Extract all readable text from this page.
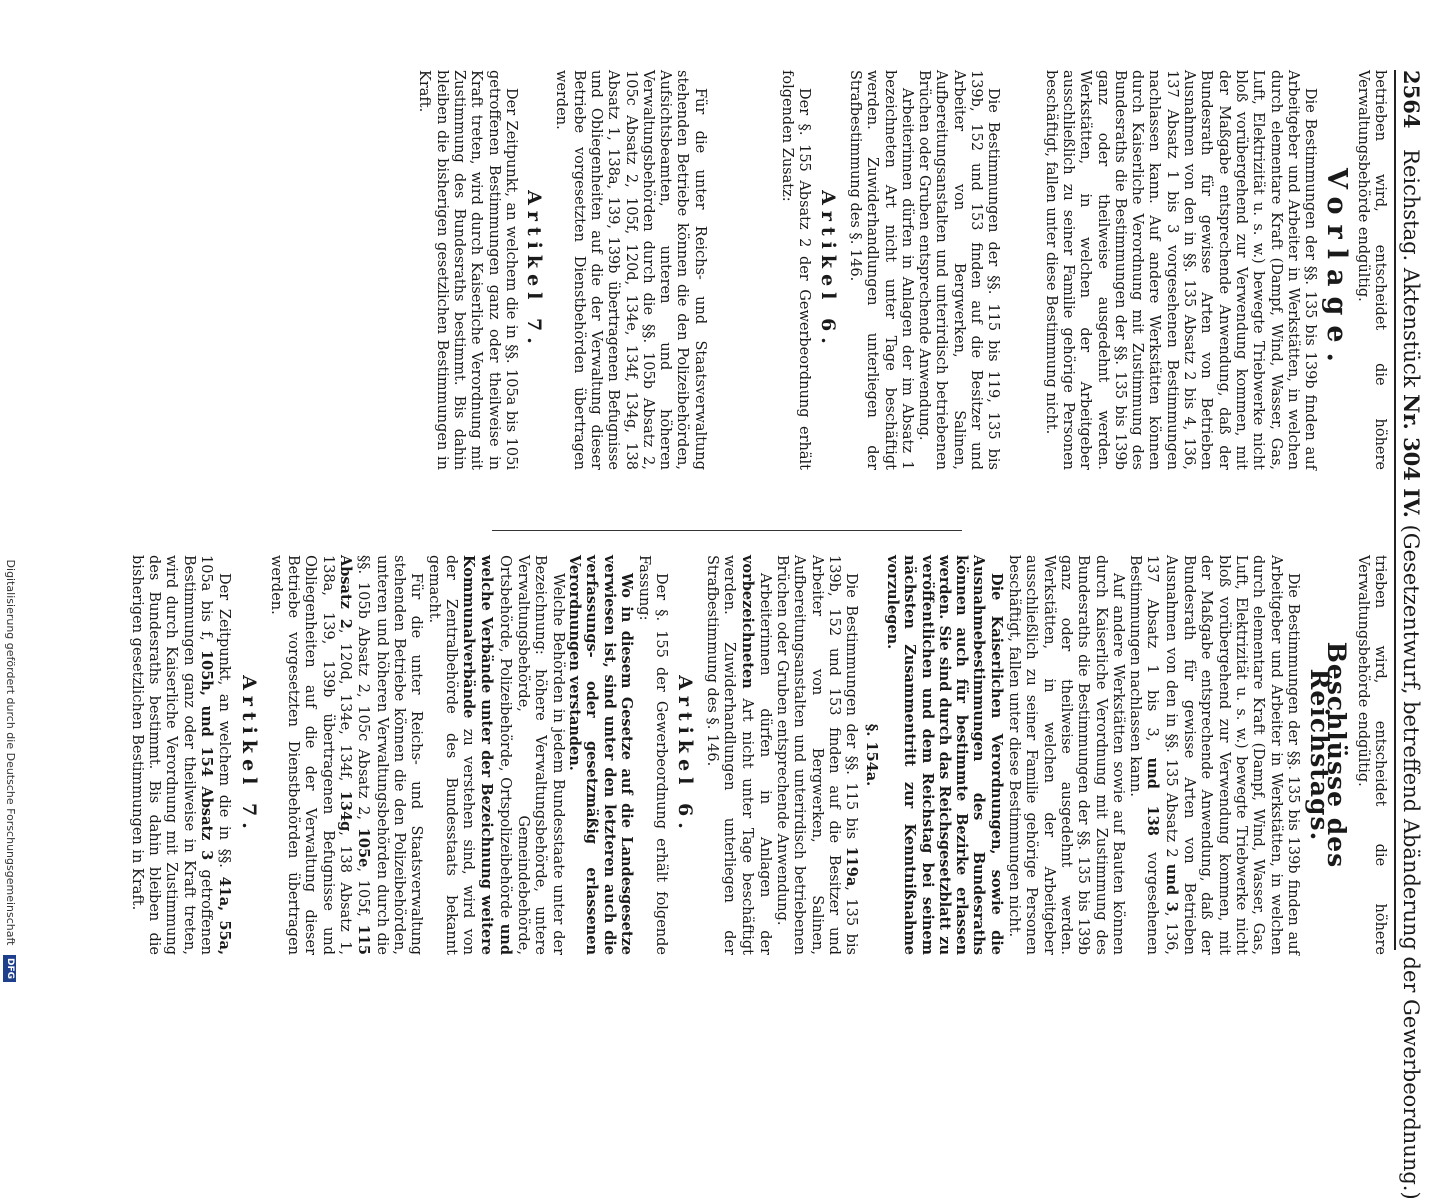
2564 Reichstag. Aktenstück Nr. 304 IV. (Gesetzentwurf, betreffend Abänderung der Gewerbeordnung.)

betrieben wird, entscheidet die höhere Verwaltungsbehörde endgültig.

Vorlage.

Die Bestimmungen der §§. 135 bis 139b finden auf Arbeitgeber und Arbeiter in Werkstätten, in welchen durch elementare Kraft (Dampf, Wind, Wasser, Gas, Luft, Elektrizität u. s. w.) bewegte Triebwerke nicht bloß vorübergehend zur Verwendung kommen, mit der Maßgabe entsprechende Anwendung, daß der Bundesrath für gewisse Arten von Betrieben Ausnahmen von den in §§. 135 Absatz 2 bis 4, 136, 137 Absatz 1 bis 3 vorgesehenen Bestimmungen nachlassen kann. Auf andere Werkstätten können durch Kaiserliche Verordnung mit Zustimmung des Bundesraths die Bestimmungen der §§. 135 bis 139b ganz oder theilweise ausgedehnt werden. Werkstätten, in welchen der Arbeitgeber ausschließlich zu seiner Familie gehörige Personen beschäftigt, fallen unter diese Bestimmung nicht.

Die Bestimmungen der §§. 115 bis 119, 135 bis 139b, 152 und 153 finden auf die Besitzer und Arbeiter von Bergwerken, Salinen, Aufbereitungsanstalten und unterirdisch betriebenen Brüchen oder Gruben entsprechende Anwendung.

Arbeiterinnen dürfen in Anlagen der im Absatz 1 bezeichneten Art nicht unter Tage beschäftigt werden. Zuwiderhandlungen unterliegen der Strafbestimmung des §. 146.

Artikel 6.

Der §. 155 Absatz 2 der Gewerbeordnung erhält folgenden Zusatz:

Für die unter Reichs- und Staatsverwaltung stehenden Betriebe können die den Polizeibehörden, Aufsichtsbeamten, unteren und höheren Verwaltungsbehörden durch die §§. 105b Absatz 2, 105c Absatz 2, 105f, 120d, 134e, 134f, 134g, 138 Absatz 1, 138a, 139, 139b übertragenen Befugnisse und Obliegenheiten auf die der Verwaltung dieser Betriebe vorgesetzten Dienstbehörden übertragen werden.

Artikel 7.

Der Zeitpunkt, an welchem die in §§. 105a bis 105i getroffenen Bestimmungen ganz oder theilweise in Kraft treten, wird durch Kaiserliche Verordnung mit Zustimmung des Bundesraths bestimmt. Bis dahin bleiben die bisherigen gesetzlichen Bestimmungen in Kraft.

trieben wird, entscheidet die höhere Verwaltungsbehörde endgültig.

Beschlüsse des Reichstags.

Die Bestimmungen der §§. 135 bis 139b finden auf Arbeitgeber und Arbeiter in Werkstätten, in welchen durch elementare Kraft (Dampf, Wind, Wasser, Gas, Luft, Elektrizität u. s. w.) bewegte Triebwerke nicht bloß vorübergehend zur Verwendung kommen, mit der Maßgabe entsprechende Anwendung, daß der Bundesrath für gewisse Arten von Betrieben Ausnahmen von den in §§. 135 Absatz 2 und 3, 136, 137 Absatz 1 bis 3, und 138 vorgesehenen Bestimmungen nachlassen kann.

Auf andere Werkstätten sowie auf Bauten können durch Kaiserliche Verordnung mit Zustimmung des Bundesraths die Bestimmungen der §§. 135 bis 139b ganz oder theilweise ausgedehnt werden. Werkstätten, in welchen der Arbeitgeber ausschließlich zu seiner Familie gehörige Personen beschäftigt, fallen unter diese Bestimmungen nicht.

Die Kaiserlichen Verordnungen, sowie die Ausnahmebestimmungen des Bundesraths können auch für bestimmte Bezirke erlassen werden. Sie sind durch das Reichsgesetzblatt zu veröffentlichen und dem Reichstag bei seinem nächsten Zusammentritt zur Kenntnißnahme vorzulegen.

§. 154a.

Die Bestimmungen der §§. 115 bis 119a, 135 bis 139b, 152 und 153 finden auf die Besitzer und Arbeiter von Bergwerken, Salinen, Aufbereitungsanstalten und unterirdisch betriebenen Brüchen oder Gruben entsprechende Anwendung.

Arbeiterinnen dürfen in Anlagen der vorbezeichneten Art nicht unter Tage beschäftigt werden. Zuwiderhandlungen unterliegen der Strafbestimmung des §. 146.

Artikel 6.

Der §. 155 der Gewerbeordnung erhält folgende Fassung:

Wo in diesem Gesetze auf die Landesgesetze verwiesen ist, sind unter den letzteren auch die verfassungs- oder gesetzmäßig erlassenen Verordnungen verstanden.

Welche Behörden in jedem Bundesstaate unter der Bezeichnung: höhere Verwaltungsbehörde, untere Verwaltungsbehörde, Gemeindebehörde, Ortsbehörde, Polizeibehörde, Ortspolizeibehörde und welche Verbände unter der Bezeichnung weitere Kommunalverbände zu verstehen sind, wird von der Zentralbehörde des Bundesstaats bekannt gemacht.

Für die unter Reichs- und Staatsverwaltung stehenden Betriebe können die den Polizeibehörden, unteren und höheren Verwaltungsbehörden durch die §§. 105b Absatz 2, 105c Absatz 2, 105e, 105f, 115 Absatz 2, 120d, 134e, 134f, 134g, 138 Absatz 1, 138a, 139, 139b übertragenen Befugnisse und Obliegenheiten auf die der Verwaltung dieser Betriebe vorgesetzten Dienstbehörden übertragen werden.

Artikel 7.

Der Zeitpunkt, an welchem die in §§. 41a, 55a, 105a bis f, 105h, und 154 Absatz 3 getroffenen Bestimmungen ganz oder theilweise in Kraft treten, wird durch Kaiserliche Verordnung mit Zustimmung des Bundesraths bestimmt. Bis dahin bleiben die bisherigen gesetzlichen Bestimmungen in Kraft.

Digitalisierung gefördert durch die Deutsche Forschungsgemeinschaft DFG
